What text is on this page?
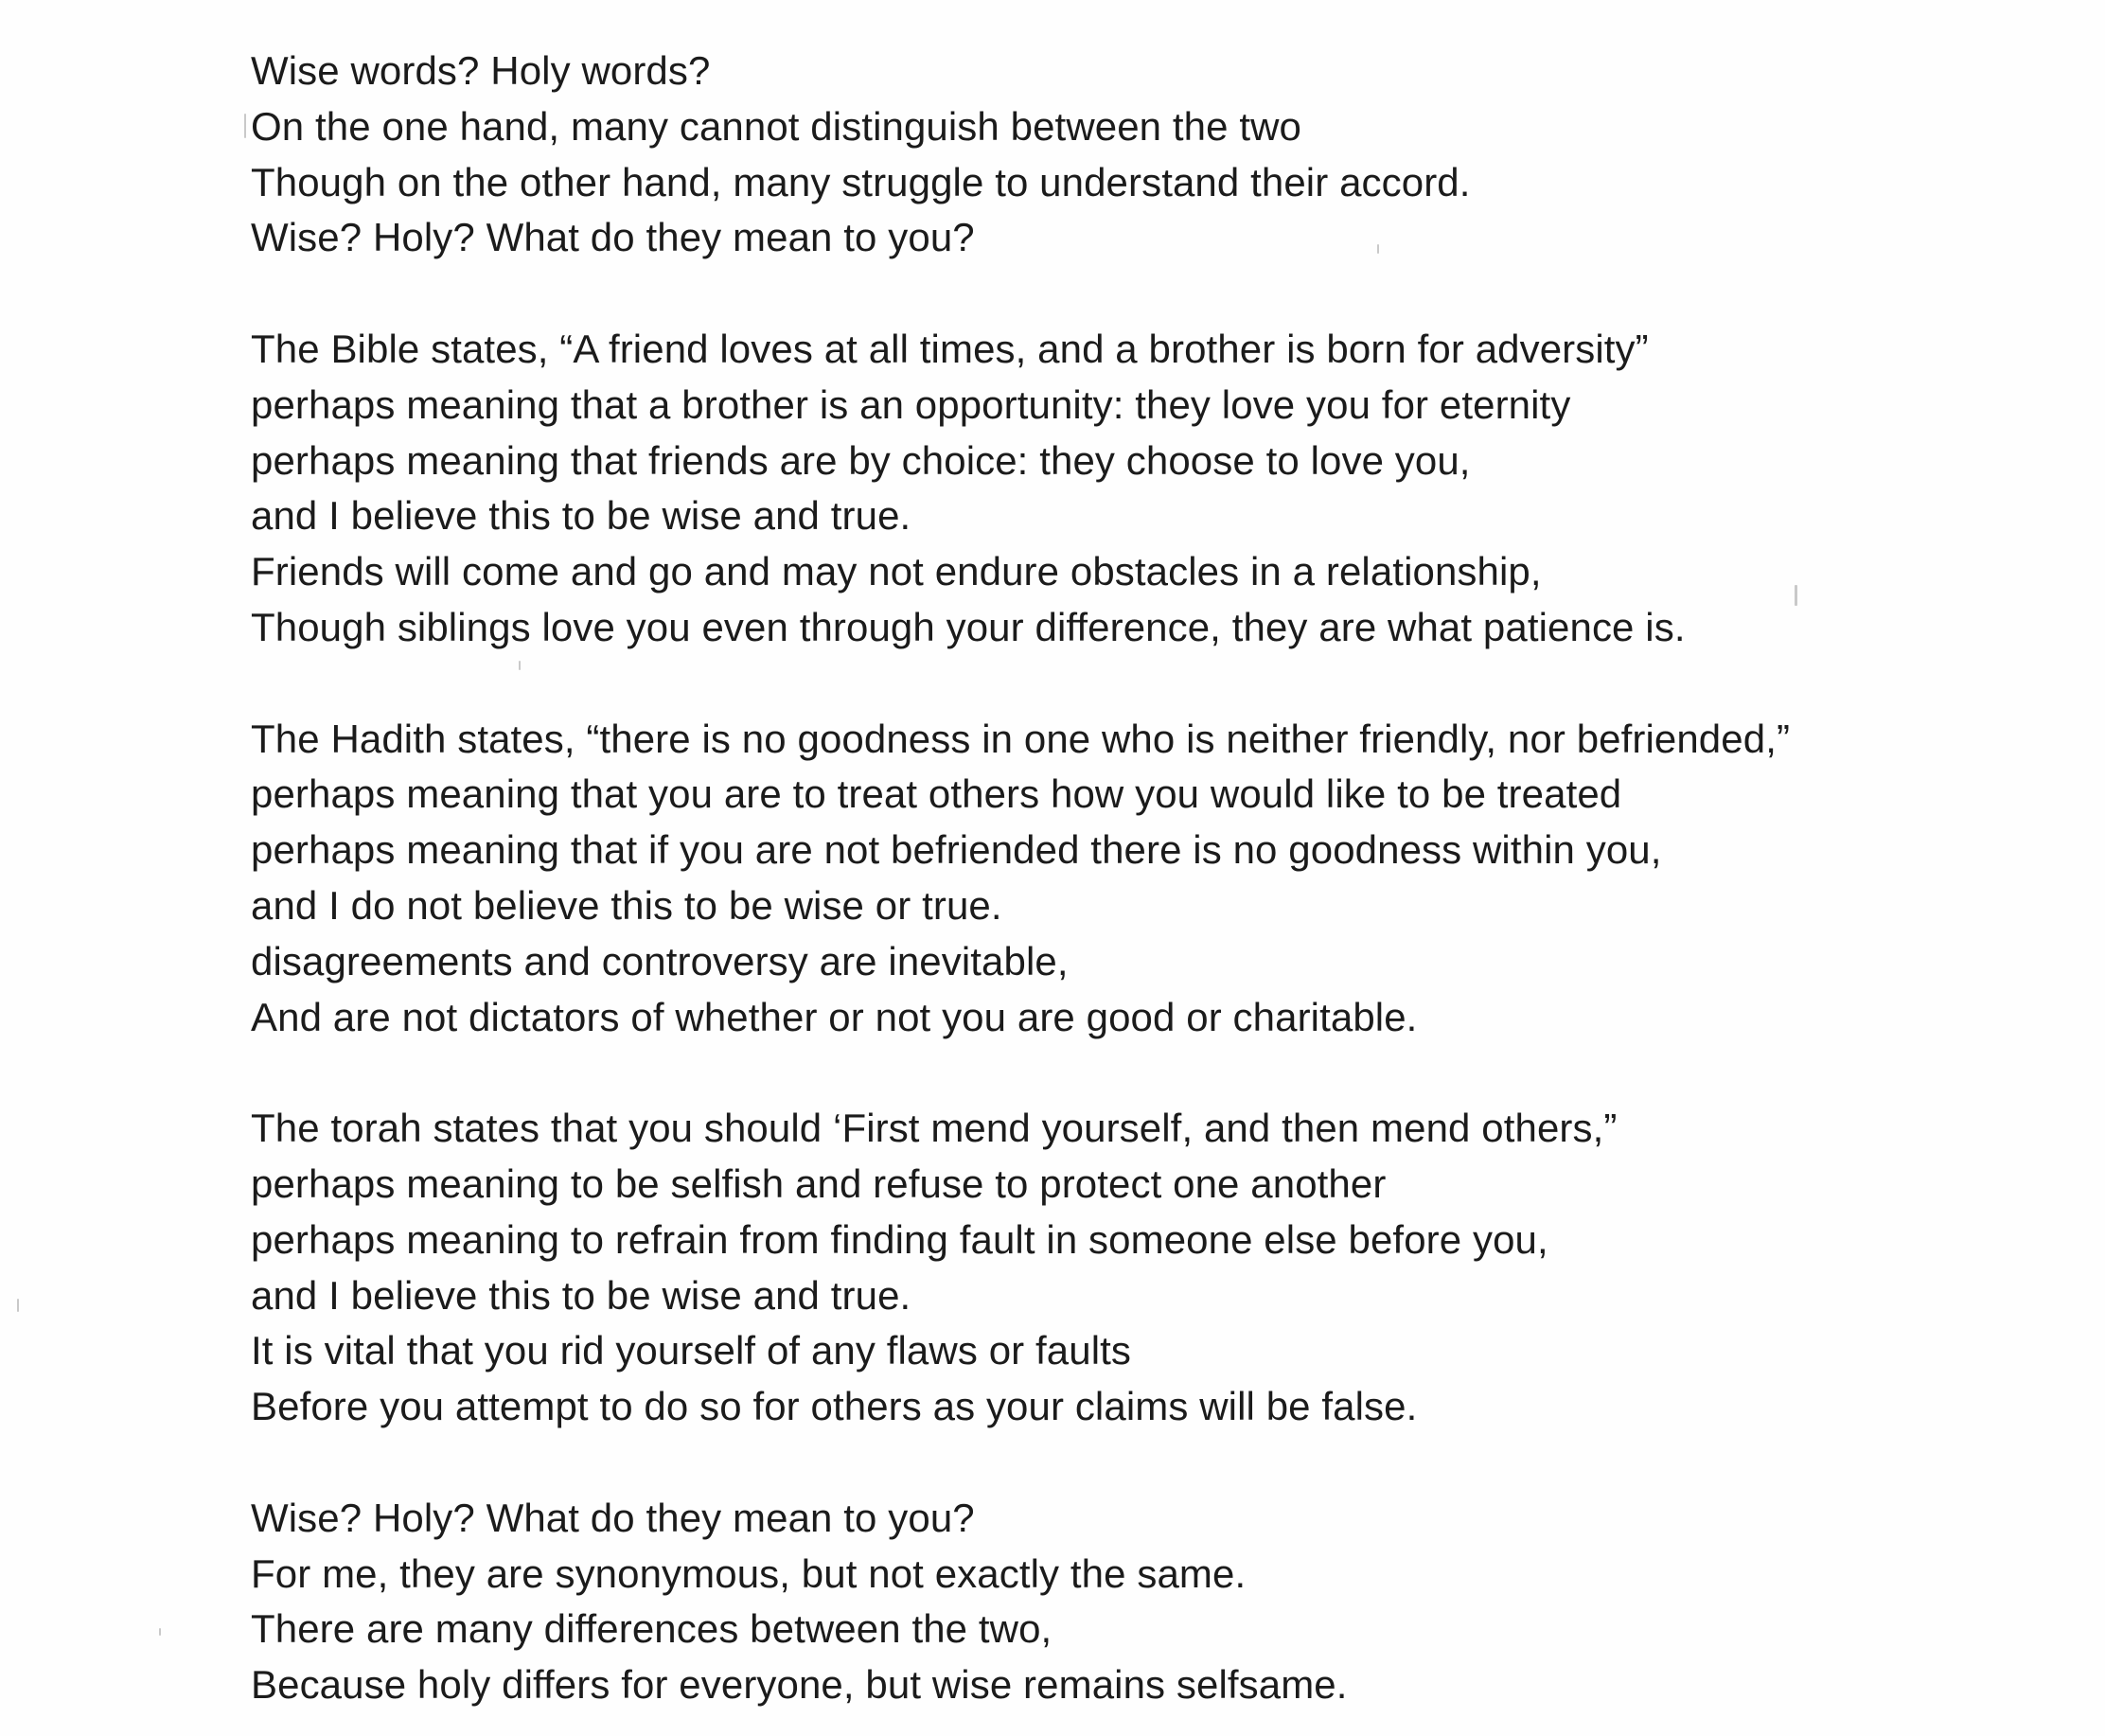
Wise words? Holy words?
On the one hand, many cannot distinguish between the two
Though on the other hand, many struggle to understand their accord.
Wise? Holy? What do they mean to you?
The Bible states, “A friend loves at all times, and a brother is born for adversity”
perhaps meaning that a brother is an opportunity: they love you for eternity
perhaps meaning that friends are by choice: they choose to love you,
and I believe this to be wise and true.
Friends will come and go and may not endure obstacles in a relationship,
Though siblings love you even through your difference, they are what patience is.
The Hadith states, “there is no goodness in one who is neither friendly, nor befriended,”
perhaps meaning that you are to treat others how you would like to be treated
perhaps meaning that if you are not befriended there is no goodness within you,
and I do not believe this to be wise or true.
disagreements and controversy are inevitable,
And are not dictators of whether or not you are good or charitable.
The torah states that you should ‘First mend yourself, and then mend others,”
perhaps meaning to be selfish and refuse to protect one another
perhaps meaning to refrain from finding fault in someone else before you,
and I believe this to be wise and true.
It is vital that you rid yourself of any flaws or faults
Before you attempt to do so for others as your claims will be false.
Wise? Holy? What do they mean to you?
For me, they are synonymous, but not exactly the same.
There are many differences between the two,
Because holy differs for everyone, but wise remains selfsame.
